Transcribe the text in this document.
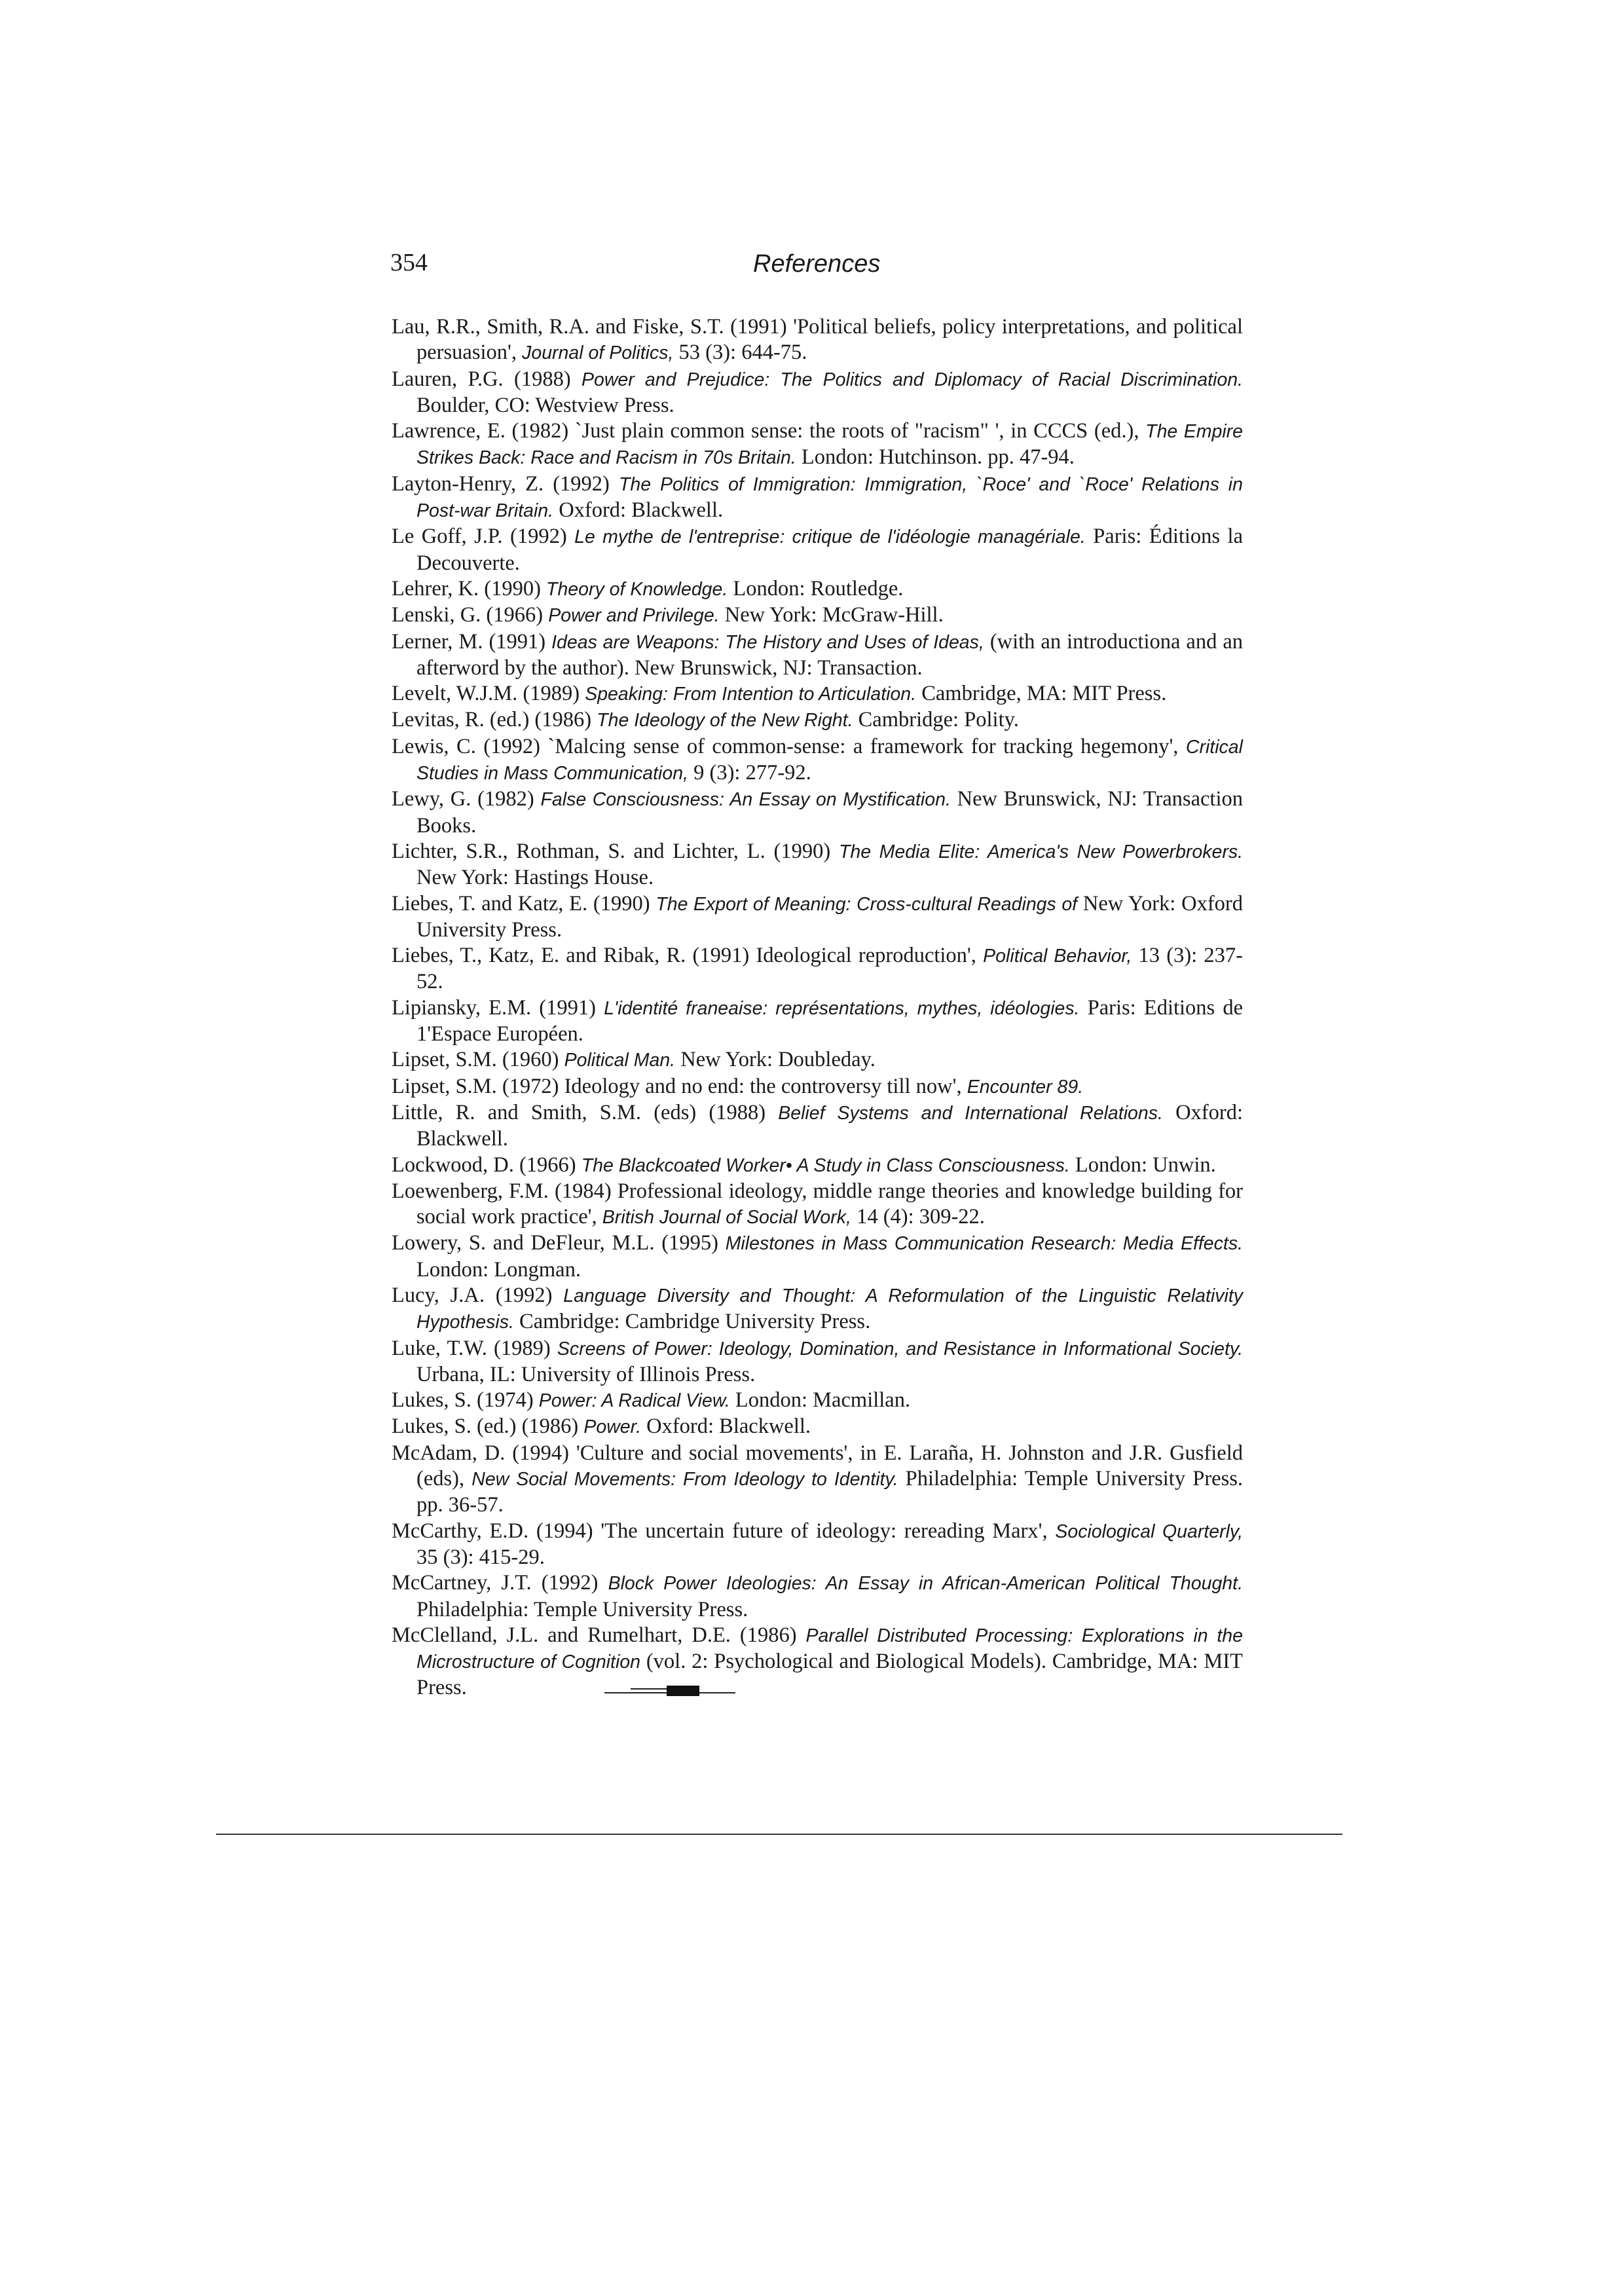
354	References

Lau, R.R., Smith, R.A. and Fiske, S.T. (1991) 'Political beliefs, policy interpretations, and political persuasion', Journal of Politics, 53 (3): 644-75.

Lauren, P.G. (1988) Power and Prejudice: The Politics and Diplomacy of Racial Discrimination. Boulder, CO: Westview Press.

Lawrence, E. (1982) `Just plain common sense: the roots of "racism" ', in CCCS (ed.), The Empire Strikes Back: Race and Racism in 70s Britain. London: Hutchinson. pp. 47-94.

Layton-Henry, Z. (1992) The Politics of Immigration: Immigration, `Roce' and `Roce' Relations in Post-war Britain. Oxford: Blackwell.

Le Goff, J.P. (1992) Le mythe de l'entreprise: critique de l'idéologie managériale. Paris: Éditions la Decouverte.

Lehrer, K. (1990) Theory of Knowledge. London: Routledge.

Lenski, G. (1966) Power and Privilege. New York: McGraw-Hill.

Lerner, M. (1991) Ideas are Weapons: The History and Uses of Ideas, (with an introductiona and an afterword by the author). New Brunswick, NJ: Transaction.

Levelt, W.J.M. (1989) Speaking: From Intention to Articulation. Cambridge, MA: MIT Press.

Levitas, R. (ed.) (1986) The Ideology of the New Right. Cambridge: Polity.

Lewis, C. (1992) `Malcing sense of common-sense: a framework for tracking hegemony', Critical Studies in Mass Communication, 9 (3): 277-92.

Lewy, G. (1982) False Consciousness: An Essay on Mystification. New Brunswick, NJ: Transaction Books.

Lichter, S.R., Rothman, S. and Lichter, L. (1990) The Media Elite: America's New Powerbrokers. New York: Hastings House.

Liebes, T. and Katz, E. (1990) The Export of Meaning: Cross-cultural Readings of New York: Oxford University Press.

Liebes, T., Katz, E. and Ribak, R. (1991) Ideological reproduction', Political Behavior, 13 (3): 237-52.

Lipiansky, E.M. (1991) L'identité franeaise: représentations, mythes, idéologies. Paris: Editions de 1'Espace Européen.

Lipset, S.M. (1960) Political Man. New York: Doubleday.

Lipset, S.M. (1972) Ideology and no end: the controversy till now', Encounter 89.

Little, R. and Smith, S.M. (eds) (1988) Belief Systems and International Relations. Oxford: Blackwell.

Lockwood, D. (1966) The Blackcoated Worker• A Study in Class Consciousness. London: Unwin.

Loewenberg, F.M. (1984) Professional ideology, middle range theories and knowledge building for social work practice', British Journal of Social Work, 14 (4): 309-22.

Lowery, S. and DeFleur, M.L. (1995) Milestones in Mass Communication Research: Media Effects. London: Longman.

Lucy, J.A. (1992) Language Diversity and Thought: A Reformulation of the Linguistic Relativity Hypothesis. Cambridge: Cambridge University Press.

Luke, T.W. (1989) Screens of Power: Ideology, Domination, and Resistance in Informational Society. Urbana, IL: University of Illinois Press.

Lukes, S. (1974) Power: A Radical View. London: Macmillan.

Lukes, S. (ed.) (1986) Power. Oxford: Blackwell.

McAdam, D. (1994) 'Culture and social movements', in E. Laraña, H. Johnston and J.R. Gusfield (eds), New Social Movements: From Ideology to Identity. Philadelphia: Temple University Press. pp. 36-57.

McCarthy, E.D. (1994) 'The uncertain future of ideology: rereading Marx', Sociological Quarterly, 35 (3): 415-29.

McCartney, J.T. (1992) Block Power Ideologies: An Essay in African-American Political Thought. Philadelphia: Temple University Press.

McClelland, J.L. and Rumelhart, D.E. (1986) Parallel Distributed Processing: Explorations in the Microstructure of Cognition (vol. 2: Psychological and Biological Models). Cambridge, MA: MIT Press.
